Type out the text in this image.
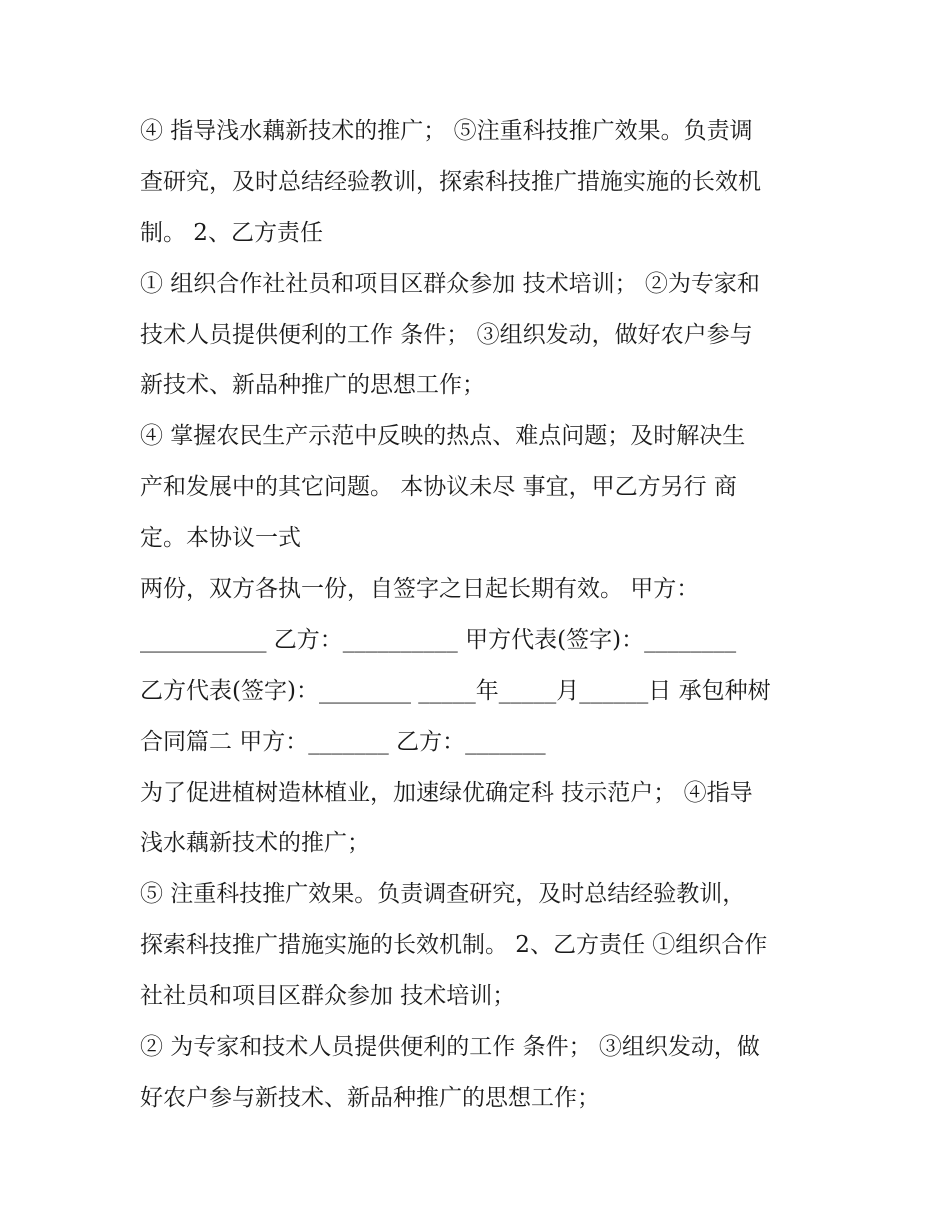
④ 指导浅水藕新技术的推广； ⑤注重科技推广效果。负责调

查研究，及时总结经验教训，探索科技推广措施实施的长效机

制。 2、乙方责任

① 组织合作社社员和项目区群众参加 技术培训； ②为专家和

技术人员提供便利的工作 条件； ③组织发动，做好农户参与

新技术、新品种推广的思想工作；

④ 掌握农民生产示范中反映的热点、难点问题；及时解决生

产和发展中的其它问题。 本协议未尽 事宜，甲乙方另行 商

定。本协议一式

两份，双方各执一份，自签字之日起长期有效。 甲方：

___________ 乙方：__________ 甲方代表(签字)：________

乙方代表(签字)：________ _____年_____月______日 承包种树

合同篇二 甲方：_______ 乙方：_______

为了促进植树造林植业，加速绿优确定科 技示范户； ④指导

浅水藕新技术的推广；

⑤ 注重科技推广效果。负责调查研究，及时总结经验教训，

探索科技推广措施实施的长效机制。 2、乙方责任 ①组织合作

社社员和项目区群众参加 技术培训；

② 为专家和技术人员提供便利的工作 条件； ③组织发动，做

好农户参与新技术、新品种推广的思想工作；
